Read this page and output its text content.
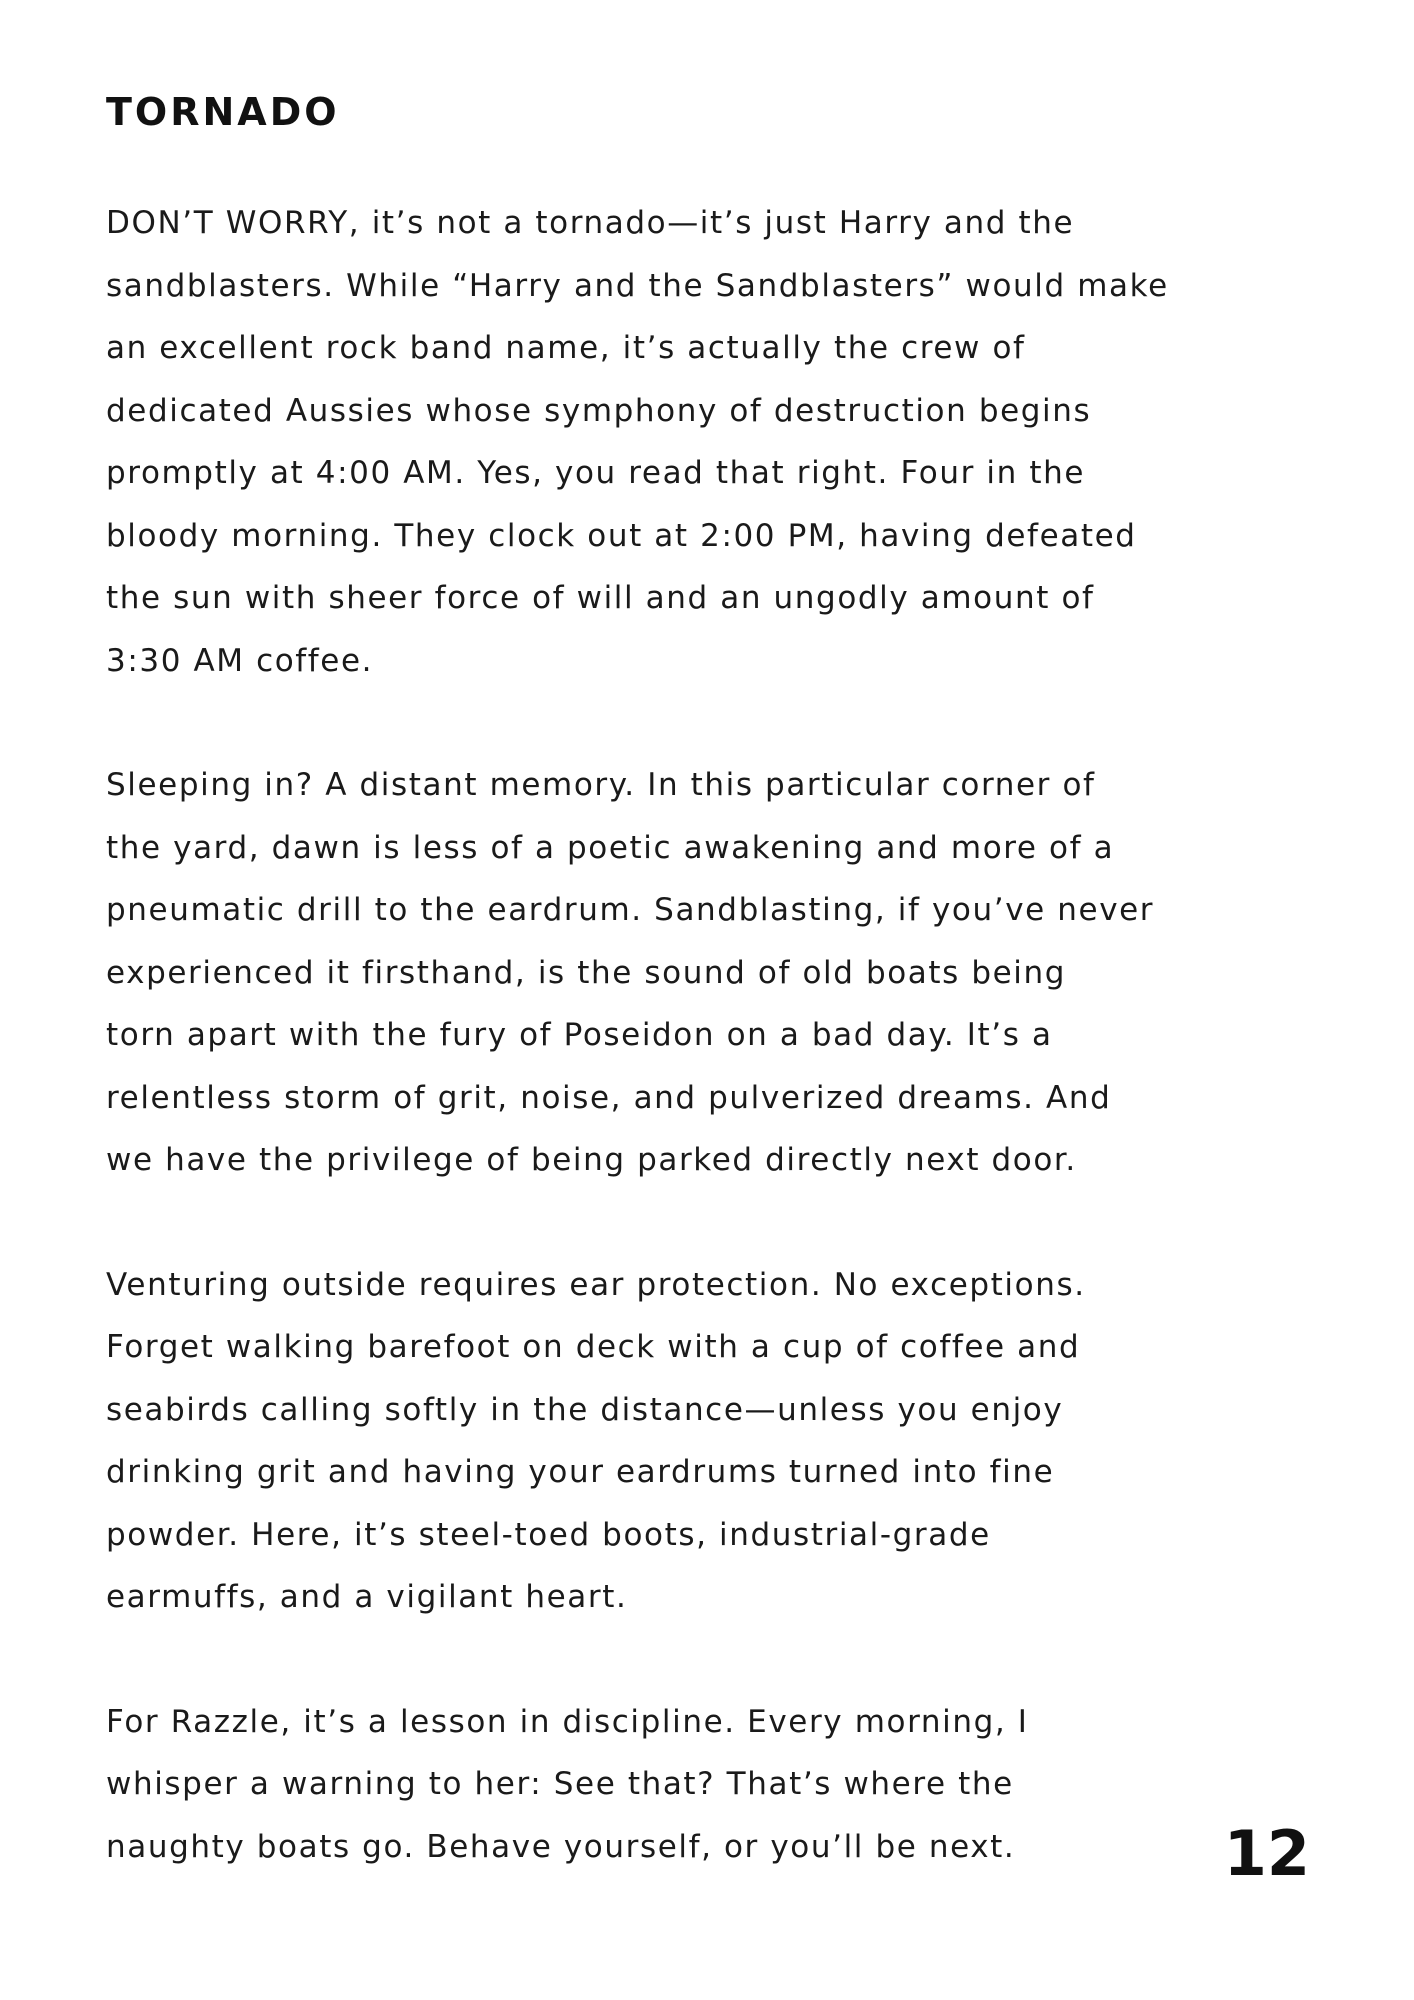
TORNADO

DON’T WORRY, it’s not a tornado—it’s just Harry and the
sandblasters. While “Harry and the Sandblasters” would make
an excellent rock band name, it’s actually the crew of
dedicated Aussies whose symphony of destruction begins
promptly at 4:00 AM. Yes, you read that right. Four in the
bloody morning. They clock out at 2:00 PM, having defeated
the sun with sheer force of will and an ungodly amount of
3:30 AM coffee.

Sleeping in? A distant memory. In this particular corner of
the yard, dawn is less of a poetic awakening and more of a
pneumatic drill to the eardrum. Sandblasting, if you’ve never
experienced it firsthand, is the sound of old boats being
torn apart with the fury of Poseidon on a bad day. It’s a
relentless storm of grit, noise, and pulverized dreams. And
we have the privilege of being parked directly next door.

Venturing outside requires ear protection. No exceptions.
Forget walking barefoot on deck with a cup of coffee and
seabirds calling softly in the distance—unless you enjoy
drinking grit and having your eardrums turned into fine
powder. Here, it’s steel-toed boots, industrial-grade
earmuffs, and a vigilant heart.

For Razzle, it’s a lesson in discipline. Every morning, I
whisper a warning to her: See that? That’s where the
naughty boats go. Behave yourself, or you’ll be next.	12
